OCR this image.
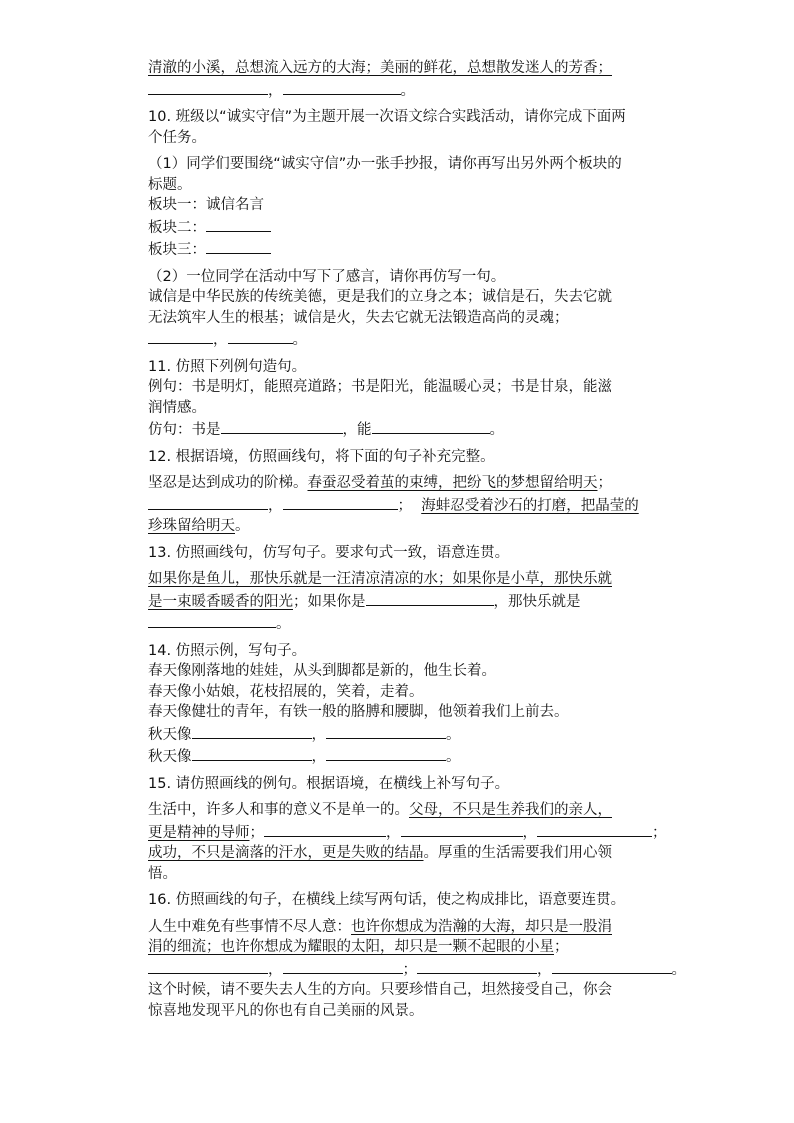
清澈的小溪，总想流入远方的大海；美丽的鲜花，总想散发迷人的芳香；
，	。
10. 班级以“诚实守信”为主题开展一次语文综合实践活动，请你完成下面两
个任务。
（1）同学们要围绕“诚实守信”办一张手抄报，请你再写出另外两个板块的
标题。
板块一：诚信名言
板块二：
板块三：
（2）一位同学在活动中写下了感言，请你再仿写一句。
诚信是中华民族的传统美德，更是我们的立身之本；诚信是石，失去它就
无法筑牢人生的根基；诚信是火，失去它就无法锻造高尚的灵魂；
，	。
11. 仿照下列例句造句。
例句：书是明灯，能照亮道路；书是阳光，能温暖心灵；书是甘泉，能滋
润情感。
仿句：书是	，能	。
12. 根据语境，仿照画线句，将下面的句子补充完整。
坚忍是达到成功的阶梯。春蚕忍受着茧的束缚，把纷飞的梦想留给明天；
，	； 海蚌忍受着沙石的打磨，把晶莹的
珍珠留给明天。
13. 仿照画线句，仿写句子。要求句式一致，语意连贯。
如果你是鱼儿，那快乐就是一汪清凉清凉的水；如果你是小草，那快乐就
是一束暖香暖香的阳光；如果你是	，那快乐就是
。
14. 仿照示例，写句子。
春天像刚落地的娃娃，从头到脚都是新的，他生长着。
春天像小姑娘，花枝招展的，笑着，走着。
春天像健壮的青年，有铁一般的胳膊和腰脚，他领着我们上前去。
秋天像	，	。
秋天像	，	。
15. 请仿照画线的例句。根据语境，在横线上补写句子。
生活中，许多人和事的意义不是单一的。父母，不只是生养我们的亲人，
更是精神的导师；	，	，	；
成功，不只是滴落的汗水，更是失败的结晶。厚重的生活需要我们用心领
悟。
16. 仿照画线的句子，在横线上续写两句话，使之构成排比，语意要连贯。
人生中难免有些事情不尽人意：也许你想成为浩瀚的大海，却只是一股涓
涓的细流；也许你想成为耀眼的太阳，却只是一颗不起眼的小星；
，	；	，	。
这个时候，请不要失去人生的方向。只要珍惜自己，坦然接受自己，你会
惊喜地发现平凡的你也有自己美丽的风景。
